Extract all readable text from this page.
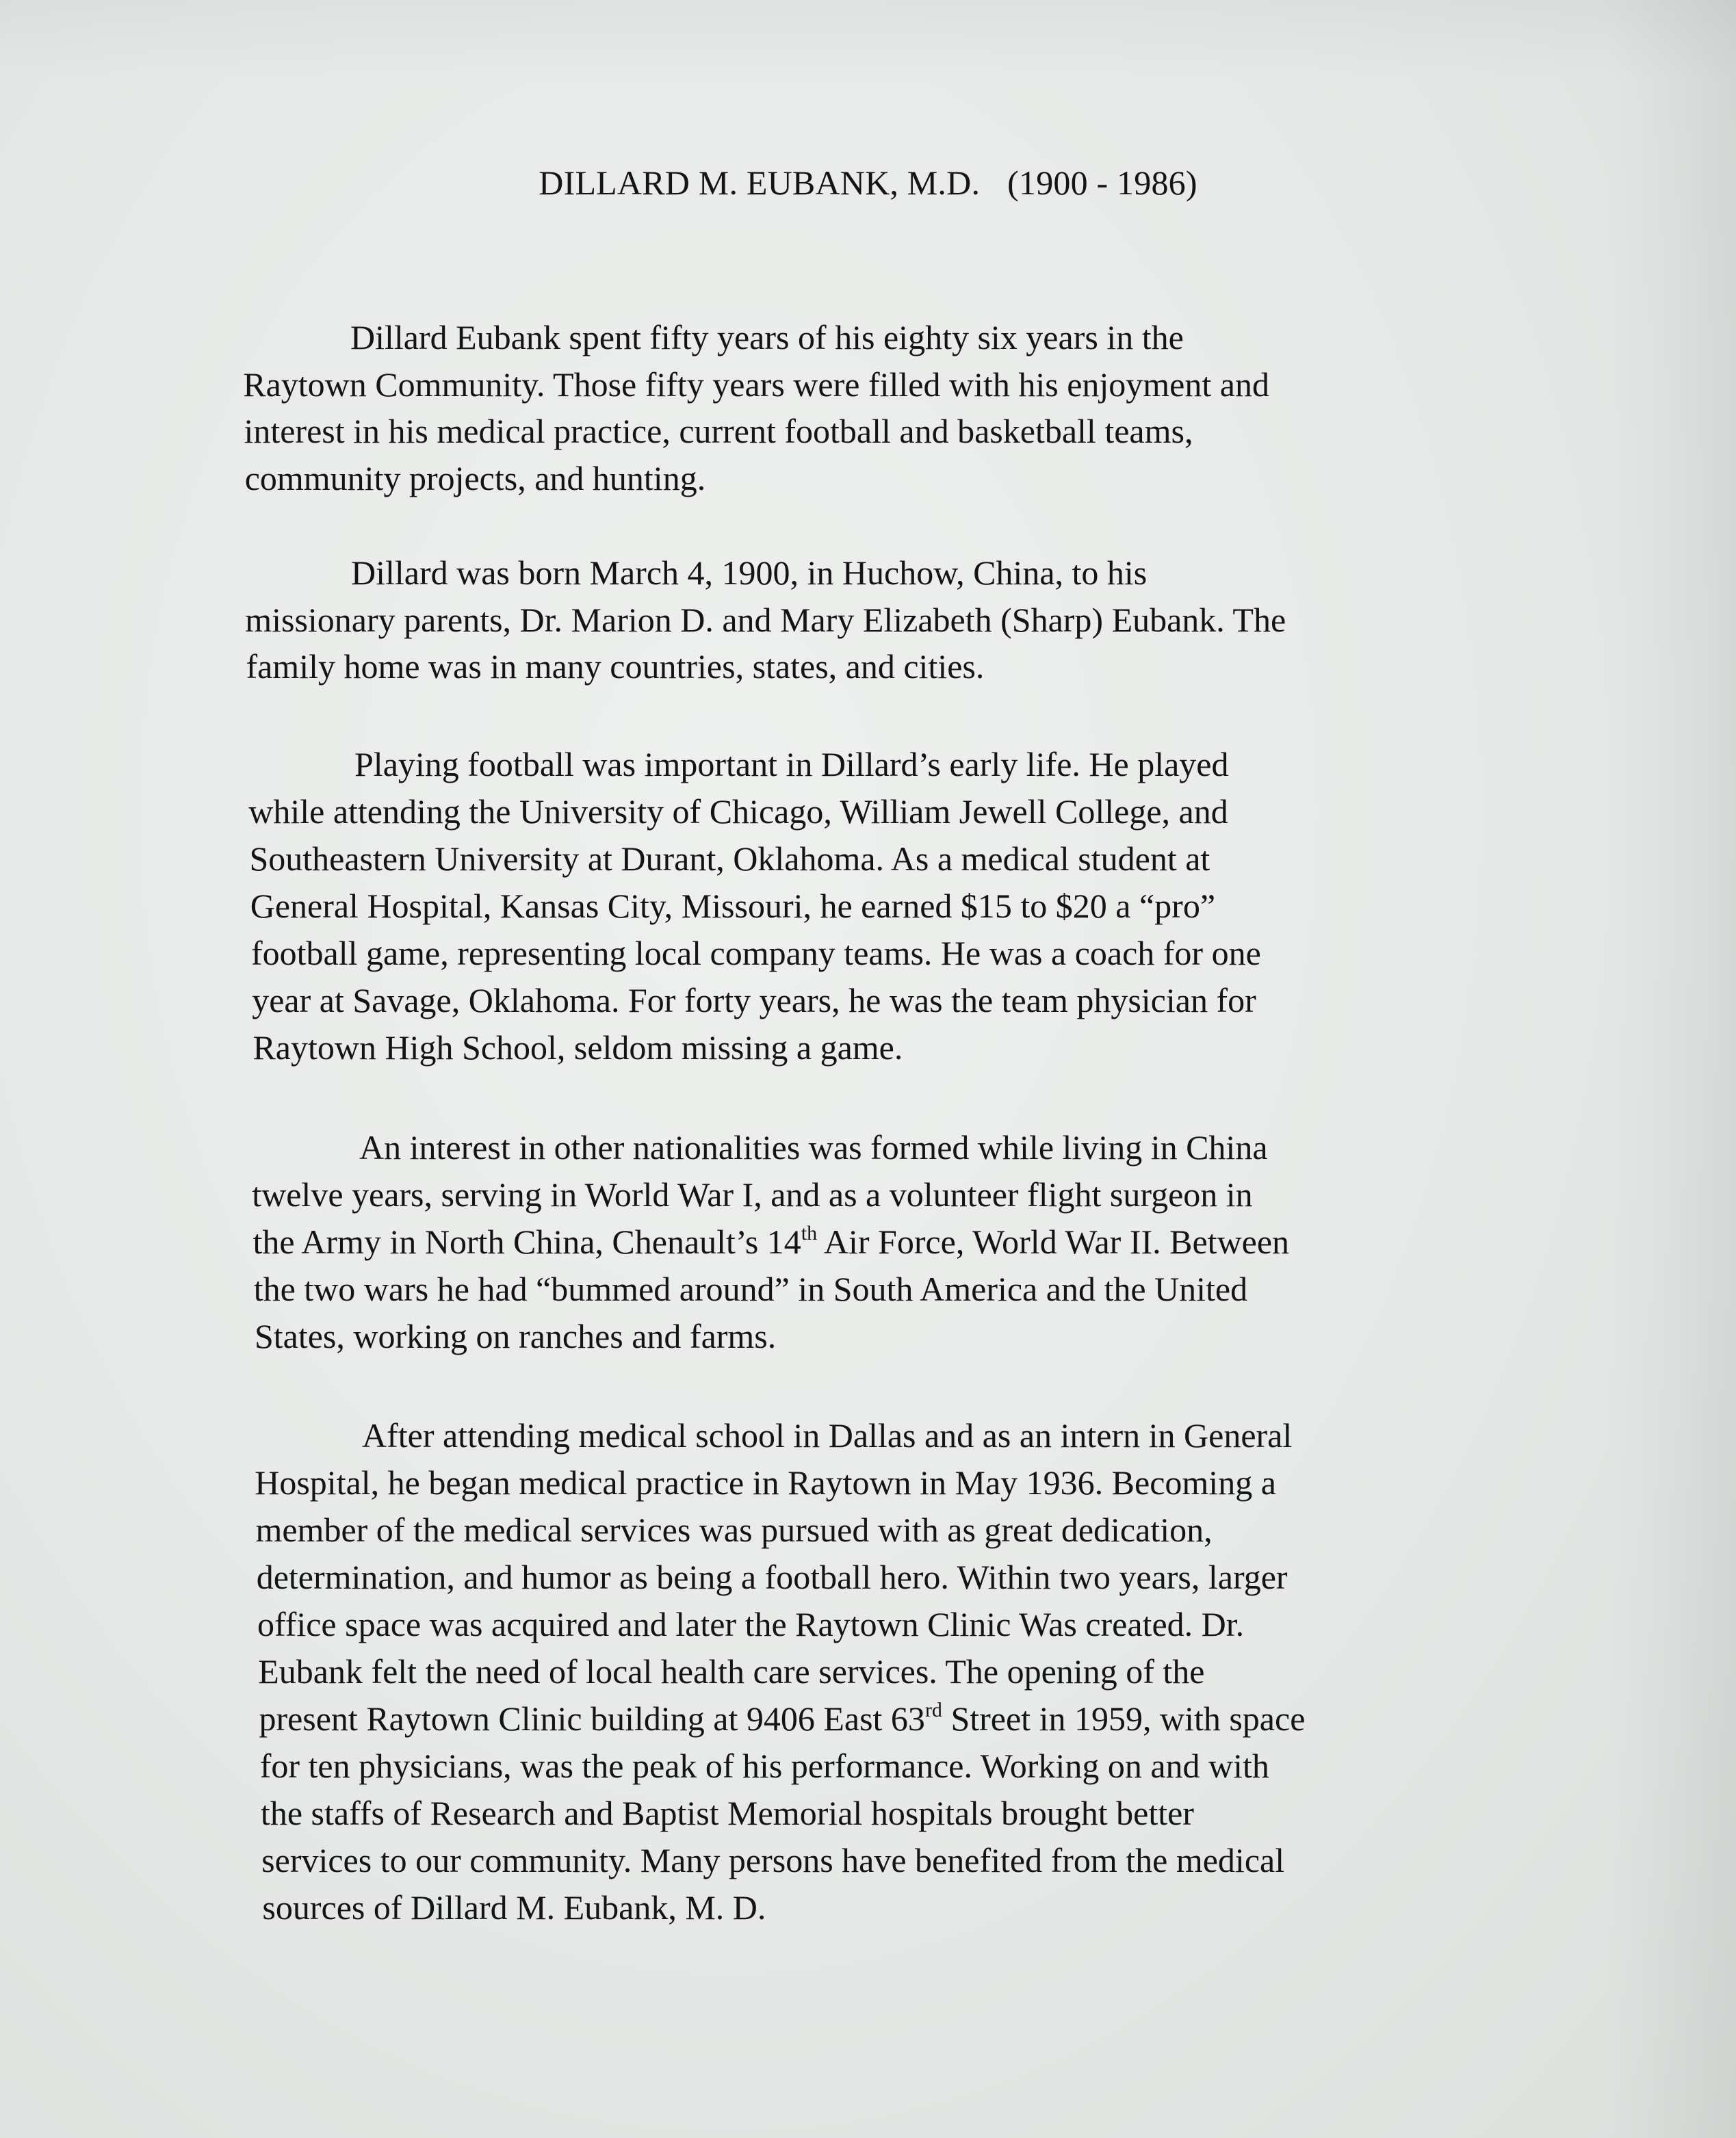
DILLARD M. EUBANK, M.D. (1900 - 1986)
Dillard Eubank spent fifty years of his eighty six years in the
Raytown Community. Those fifty years were filled with his enjoyment and
interest in his medical practice, current football and basketball teams,
community projects, and hunting.
Dillard was born March 4, 1900, in Huchow, China, to his
missionary parents, Dr. Marion D. and Mary Elizabeth (Sharp) Eubank. The
family home was in many countries, states, and cities.
Playing football was important in Dillard’s early life. He played
while attending the University of Chicago, William Jewell College, and
Southeastern University at Durant, Oklahoma. As a medical student at
General Hospital, Kansas City, Missouri, he earned $15 to $20 a “pro”
football game, representing local company teams. He was a coach for one
year at Savage, Oklahoma. For forty years, he was the team physician for
Raytown High School, seldom missing a game.
An interest in other nationalities was formed while living in China
twelve years, serving in World War I, and as a volunteer flight surgeon in
the Army in North China, Chenault’s 14th Air Force, World War II. Between
the two wars he had “bummed around” in South America and the United
States, working on ranches and farms.
After attending medical school in Dallas and as an intern in General
Hospital, he began medical practice in Raytown in May 1936. Becoming a
member of the medical services was pursued with as great dedication,
determination, and humor as being a football hero. Within two years, larger
office space was acquired and later the Raytown Clinic Was created. Dr.
Eubank felt the need of local health care services. The opening of the
present Raytown Clinic building at 9406 East 63rd Street in 1959, with space
for ten physicians, was the peak of his performance. Working on and with
the staffs of Research and Baptist Memorial hospitals brought better
services to our community. Many persons have benefited from the medical
sources of Dillard M. Eubank, M. D.
